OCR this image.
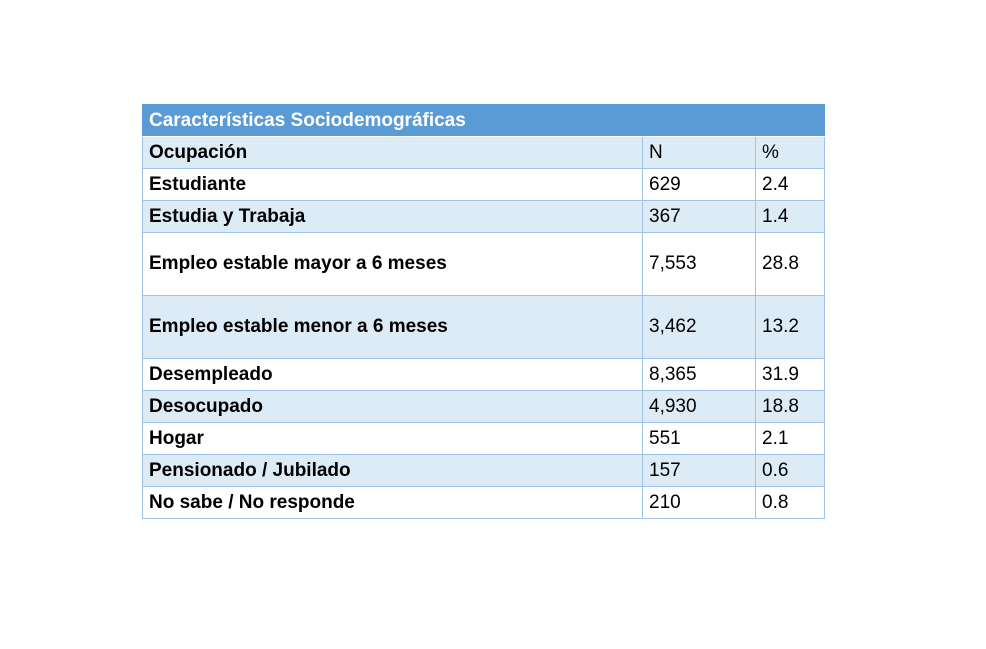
Características Sociodemográficas		
Ocupación	N	%
Estudiante	629	2.4
Estudia y Trabaja	367	1.4
Empleo estable mayor a 6 meses	7,553	28.8
Empleo estable menor a 6 meses	3,462	13.2
Desempleado	8,365	31.9
Desocupado	4,930	18.8
Hogar	551	2.1
Pensionado / Jubilado	157	0.6
No sabe / No responde	210	0.8
